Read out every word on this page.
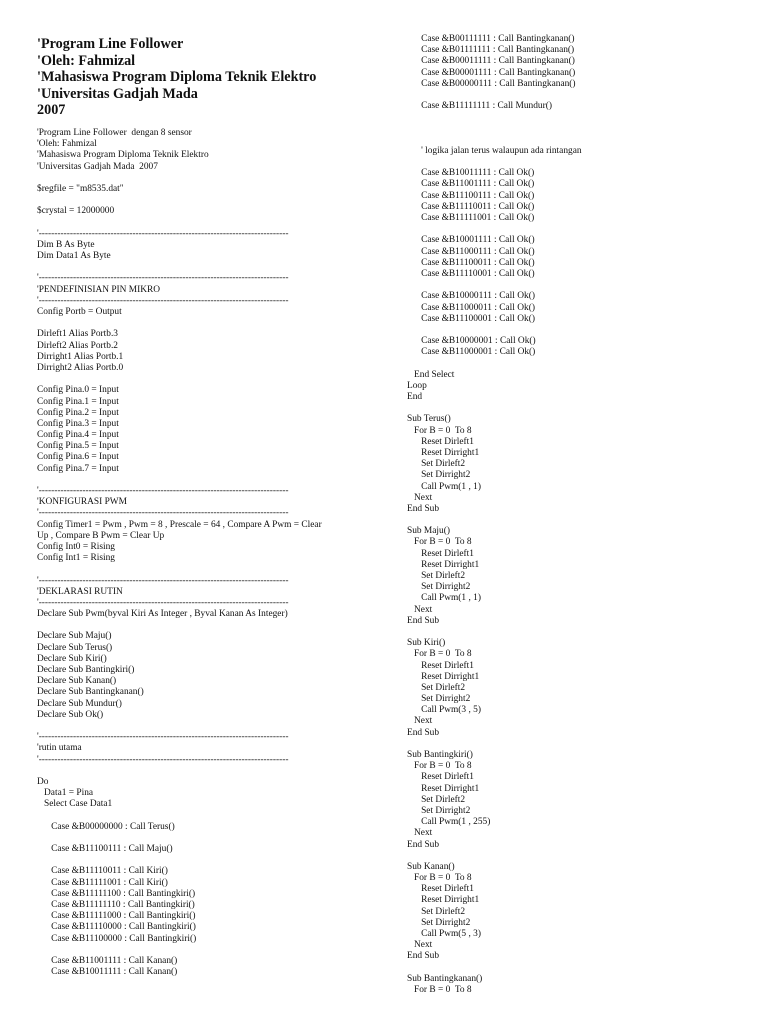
'Program Line Follower
'Oleh: Fahmizal
'Mahasiswa Program Diploma Teknik Elektro
'Universitas Gadjah Mada
2007
'Program Line Follower  dengan 8 sensor
'Oleh: Fahmizal
'Mahasiswa Program Diploma Teknik Elektro
'Universitas Gadjah Mada  2007
$regfile = "m8535.dat"
$crystal = 12000000
'--------------------------------------------------------------------------------
Dim B As Byte
Dim Data1 As Byte
'--------------------------------------------------------------------------------
'PENDEFINISIAN PIN MIKRO
'--------------------------------------------------------------------------------
Config Portb = Output
Dirleft1 Alias Portb.3
Dirleft2 Alias Portb.2
Dirright1 Alias Portb.1
Dirright2 Alias Portb.0
Config Pina.0 = Input
Config Pina.1 = Input
Config Pina.2 = Input
Config Pina.3 = Input
Config Pina.4 = Input
Config Pina.5 = Input
Config Pina.6 = Input
Config Pina.7 = Input
'--------------------------------------------------------------------------------
'KONFIGURASI PWM
'--------------------------------------------------------------------------------
Config Timer1 = Pwm , Pwm = 8 , Prescale = 64 , Compare A Pwm = Clear
Up , Compare B Pwm = Clear Up
Config Int0 = Rising
Config Int1 = Rising
'--------------------------------------------------------------------------------
'DEKLARASI RUTIN
'--------------------------------------------------------------------------------
Declare Sub Pwm(byval Kiri As Integer , Byval Kanan As Integer)
Declare Sub Maju()
Declare Sub Terus()
Declare Sub Kiri()
Declare Sub Bantingkiri()
Declare Sub Kanan()
Declare Sub Bantingkanan()
Declare Sub Mundur()
Declare Sub Ok()
'--------------------------------------------------------------------------------
'rutin utama
'--------------------------------------------------------------------------------
Do
Data1 = Pina
Select Case Data1
Case &B00000000 : Call Terus()
Case &B11100111 : Call Maju()
Case &B11110011 : Call Kiri()
Case &B11111001 : Call Kiri()
Case &B11111100 : Call Bantingkiri()
Case &B11111110 : Call Bantingkiri()
Case &B11111000 : Call Bantingkiri()
Case &B11110000 : Call Bantingkiri()
Case &B11100000 : Call Bantingkiri()
Case &B11001111 : Call Kanan()
Case &B10011111 : Call Kanan()
Case &B00111111 : Call Bantingkanan()
Case &B01111111 : Call Bantingkanan()
Case &B00011111 : Call Bantingkanan()
Case &B00001111 : Call Bantingkanan()
Case &B00000111 : Call Bantingkanan()
Case &B11111111 : Call Mundur()
' logika jalan terus walaupun ada rintangan
Case &B10011111 : Call Ok()
Case &B11001111 : Call Ok()
Case &B11100111 : Call Ok()
Case &B11110011 : Call Ok()
Case &B11111001 : Call Ok()
Case &B10001111 : Call Ok()
Case &B11000111 : Call Ok()
Case &B11100011 : Call Ok()
Case &B11110001 : Call Ok()
Case &B10000111 : Call Ok()
Case &B11000011 : Call Ok()
Case &B11100001 : Call Ok()
Case &B10000001 : Call Ok()
Case &B11000001 : Call Ok()
End Select
Loop
End
Sub Terus()
For B = 0  To 8
Reset Dirleft1
Reset Dirright1
Set Dirleft2
Set Dirright2
Call Pwm(1 , 1)
Next
End Sub
Sub Maju()
For B = 0  To 8
Reset Dirleft1
Reset Dirright1
Set Dirleft2
Set Dirright2
Call Pwm(1 , 1)
Next
End Sub
Sub Kiri()
For B = 0  To 8
Reset Dirleft1
Reset Dirright1
Set Dirleft2
Set Dirright2
Call Pwm(3 , 5)
Next
End Sub
Sub Bantingkiri()
For B = 0  To 8
Reset Dirleft1
Reset Dirright1
Set Dirleft2
Set Dirright2
Call Pwm(1 , 255)
Next
End Sub
Sub Kanan()
For B = 0  To 8
Reset Dirleft1
Reset Dirright1
Set Dirleft2
Set Dirright2
Call Pwm(5 , 3)
Next
End Sub
Sub Bantingkanan()
For B = 0  To 8
